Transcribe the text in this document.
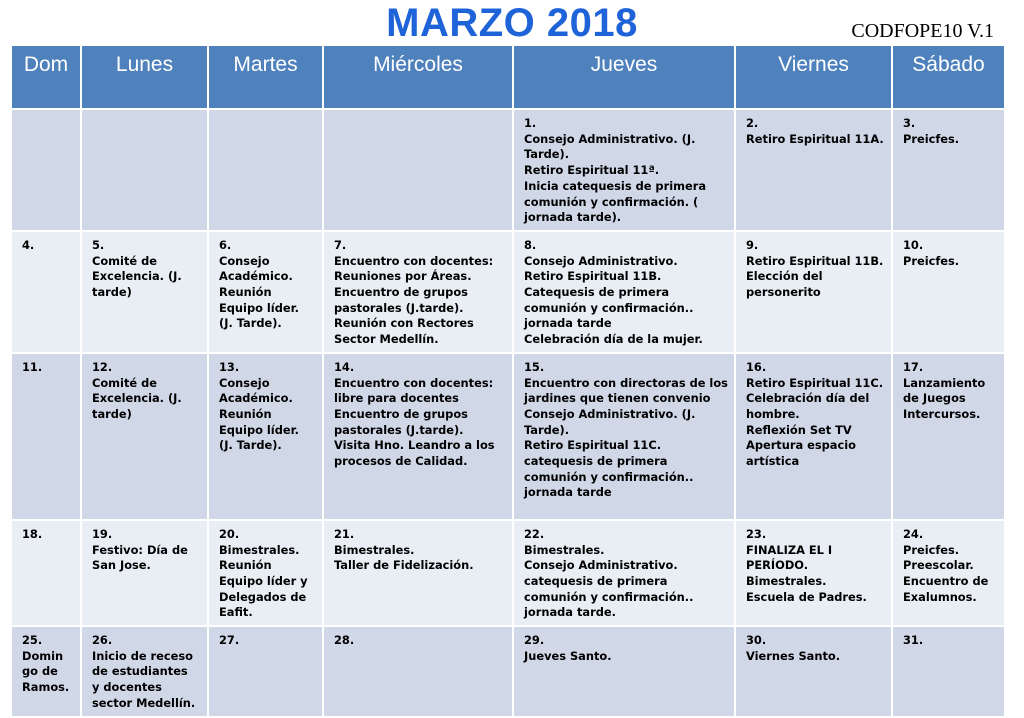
MARZO 2018	CODFOPE10 V.1
Dom	Lunes	Martes	Miércoles	Jueves	Viernes	Sábado

				1.
Consejo Administrativo. (J. Tarde).
Retiro Espiritual 11ª.
Inicia catequesis de primera comunión y confirmación. ( jornada tarde).	2.
Retiro Espiritual 11A.	3.
Preicfes.

4.	5.
Comité de Excelencia. (J. tarde)	6.
Consejo Académico.
Reunión Equipo líder. (J. Tarde).	7.
Encuentro con docentes: Reuniones por Áreas.
Encuentro de grupos pastorales (J.tarde).
Reunión con Rectores Sector Medellín.	8.
Consejo Administrativo.
Retiro Espiritual 11B.
Catequesis de primera comunión y confirmación.. jornada tarde
Celebración día de la mujer.	9.
Retiro Espiritual 11B.
Elección del personerito	10.
Preicfes.

11.	12.
Comité de Excelencia. (J. tarde)	13.
Consejo Académico.
Reunión Equipo líder. (J. Tarde).	14.
Encuentro con docentes: libre para docentes
Encuentro de grupos pastorales (J.tarde).
Visita Hno. Leandro a los procesos de Calidad.	15.
Encuentro con directoras de los jardines que tienen convenio
Consejo Administrativo. (J. Tarde).
Retiro Espiritual 11C.
catequesis de primera comunión y confirmación.. jornada tarde	16.
Retiro Espiritual 11C.
Celebración día del hombre.
Reflexión Set TV
Apertura espacio artística	17.
Lanzamiento de Juegos Intercursos.

18.	19.
Festivo: Día de San Jose.	20.
Bimestrales.
Reunión Equipo líder y Delegados de Eafit.	21.
Bimestrales.
Taller de Fidelización.	22.
Bimestrales.
Consejo Administrativo.
catequesis de primera comunión y confirmación.. jornada tarde.	23.
FINALIZA EL I PERÍODO.
Bimestrales.
Escuela de Padres.	24.
Preicfes.
Preescolar.
Encuentro de Exalumnos.

25.
Domin go de Ramos.	26.
Inicio de receso de estudiantes
y docentes sector Medellín.	27.	28.	29.
Jueves Santo.	30.
Viernes Santo.	31.
